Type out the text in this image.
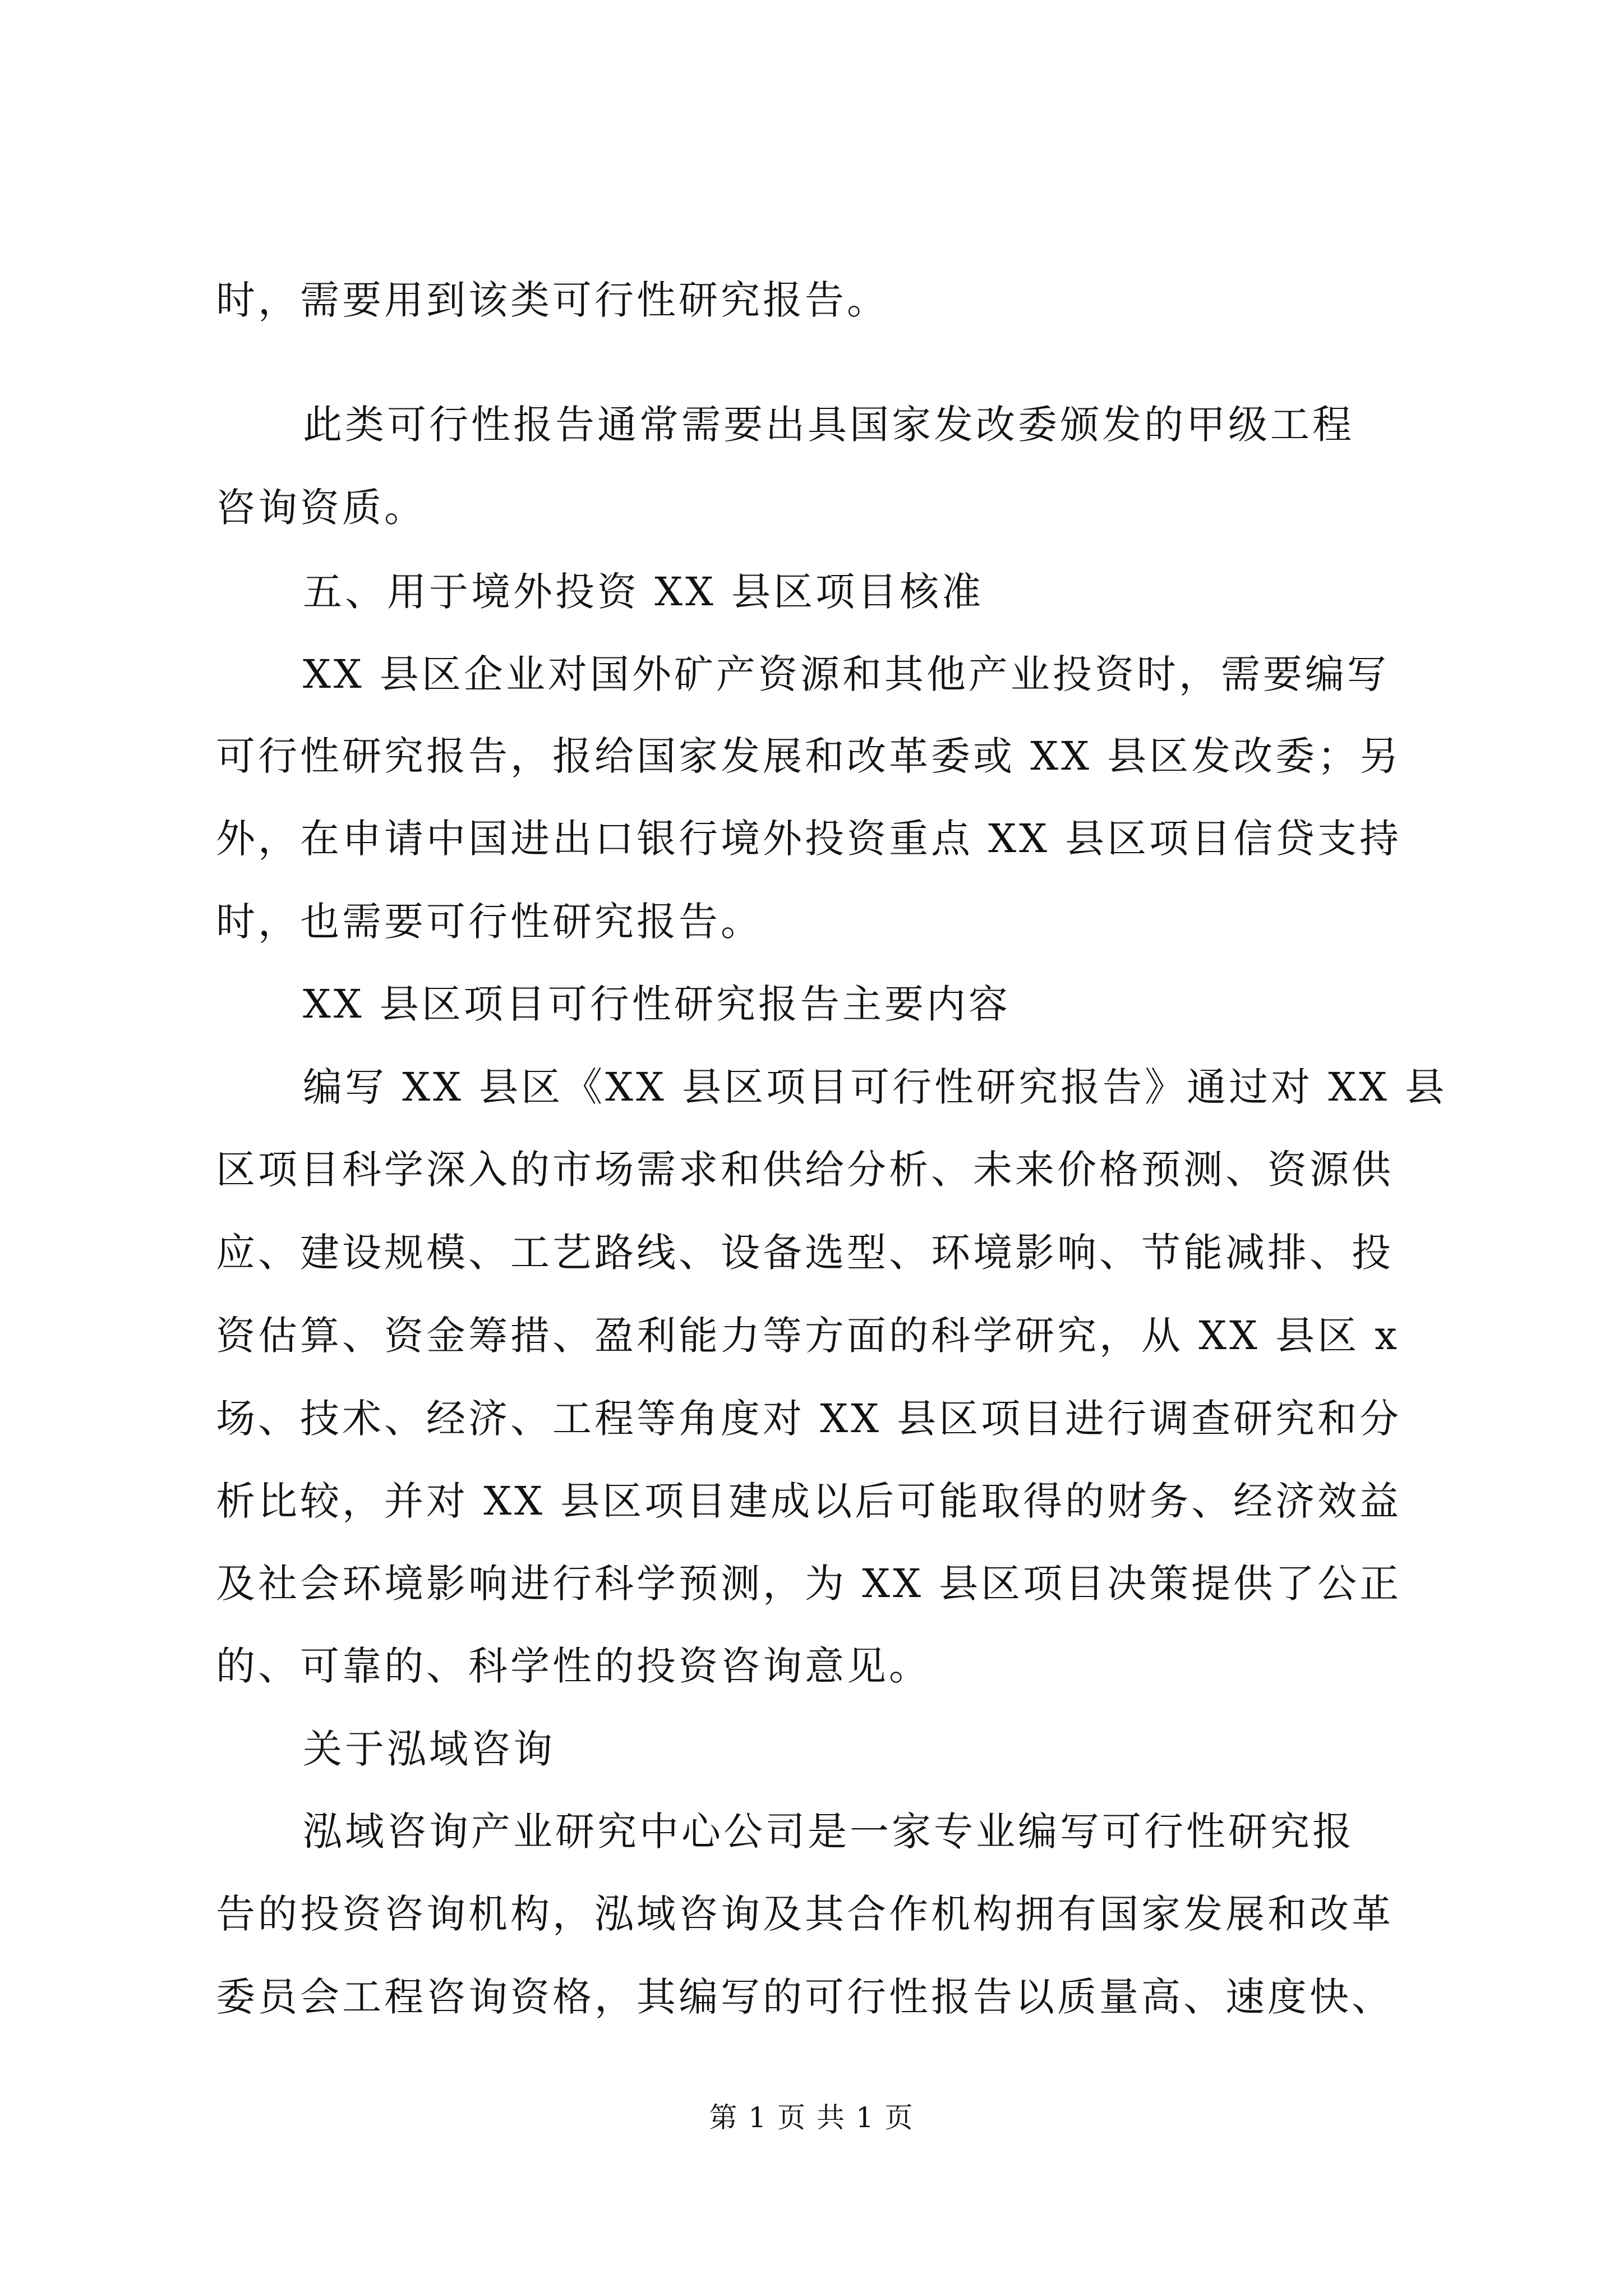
时，需要用到该类可行性研究报告。
此类可行性报告通常需要出具国家发改委颁发的甲级工程
咨询资质。
五、用于境外投资 XX 县区项目核准
XX 县区企业对国外矿产资源和其他产业投资时，需要编写
可行性研究报告，报给国家发展和改革委或 XX 县区发改委；另
外，在申请中国进出口银行境外投资重点 XX 县区项目信贷支持
时，也需要可行性研究报告。
XX 县区项目可行性研究报告主要内容
编写 XX 县区《XX 县区项目可行性研究报告》通过对 XX 县
区项目科学深入的市场需求和供给分析、未来价格预测、资源供
应、建设规模、工艺路线、设备选型、环境影响、节能减排、投
资估算、资金筹措、盈利能力等方面的科学研究，从 XX 县区 x
场、技术、经济、工程等角度对 XX 县区项目进行调查研究和分
析比较，并对 XX 县区项目建成以后可能取得的财务、经济效益
及社会环境影响进行科学预测，为 XX 县区项目决策提供了公正
的、可靠的、科学性的投资咨询意见。
关于泓域咨询
泓域咨询产业研究中心公司是一家专业编写可行性研究报
告的投资咨询机构，泓域咨询及其合作机构拥有国家发展和改革
委员会工程咨询资格，其编写的可行性报告以质量高、速度快、
第 1 页 共 1 页
